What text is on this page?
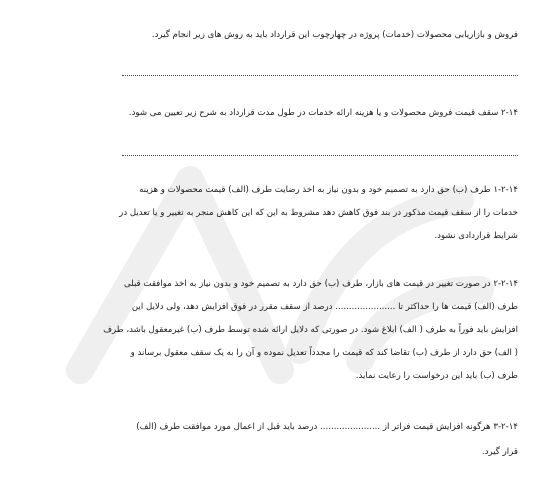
فروش و بازاریابی محصولات (خدمات) پروژه در چهارچوب این قرارداد باید به روش های زیر انجام گیرد.
۲-۱۴ سقف قیمت فروش محصولات و یا هزینه ارائه خدمات در طول مدت قرارداد به شرح زیر تعیین می شود.
۱-۲-۱۴ طرف (ب) حق دارد به تصمیم خود و بدون نیاز به اخذ رضایت طرف (الف) قیمت محصولات و هزینه
خدمات را از سقف قیمت مذکور در بند فوق کاهش دهد مشروط به این که این کاهش منجر به تغییر و یا تعدیل در
شرایط قراردادی نشود.
۲-۲-۱۴ در صورت تغییر در قیمت های بازار، طرف (ب) حق دارد به تصمیم خود و بدون نیاز به اخذ موافقت قبلی
طرف (الف) قیمت ها را حداکثر تا ...................... درصد از سقف مقرر در فوق افزایش دهد، ولی دلایل این
افزایش باید فوراً به طرف ( الف) ابلاغ شود. در صورتی که دلایل ارائه شده توسط طرف (ب) غیرمعقول باشد، طرف
( الف) حق دارد از طرف (ب) تقاضا کند که قیمت را مجدداً تعدیل نموده و آن را به یک سقف معقول برساند و
طرف (ب) باید این درخواست را رعایت نماید.
۳-۲-۱۴ هرگونه افزایش قیمت فراتر از ...................... درصد باید قبل از اعمال مورد موافقت طرف (الف)
قرار گیرد.
